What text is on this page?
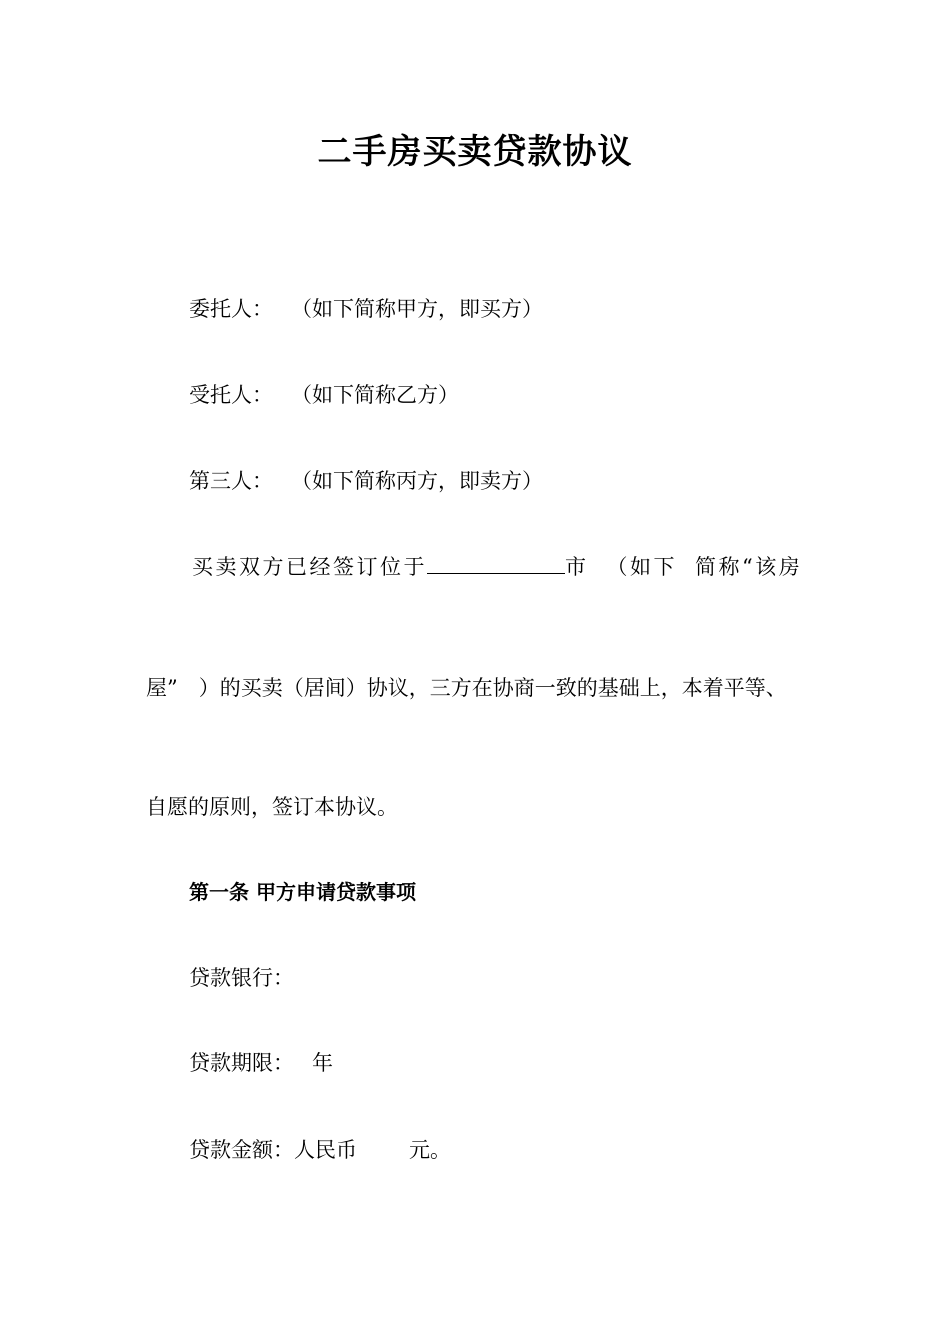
二手房买卖贷款协议
委托人： （如下简称甲方，即买方）
受托人： （如下简称乙方）
第三人： （如下简称丙方，即卖方）
买卖双方已经签订位于	市 （如下 简称“该房
屋”　）的买卖（居间）协议，三方在协商一致的基础上，本着平等、
自愿的原则，签订本协议。
第一条 甲方申请贷款事项
贷款银行：
贷款期限： 年
贷款金额：人民币 元。
